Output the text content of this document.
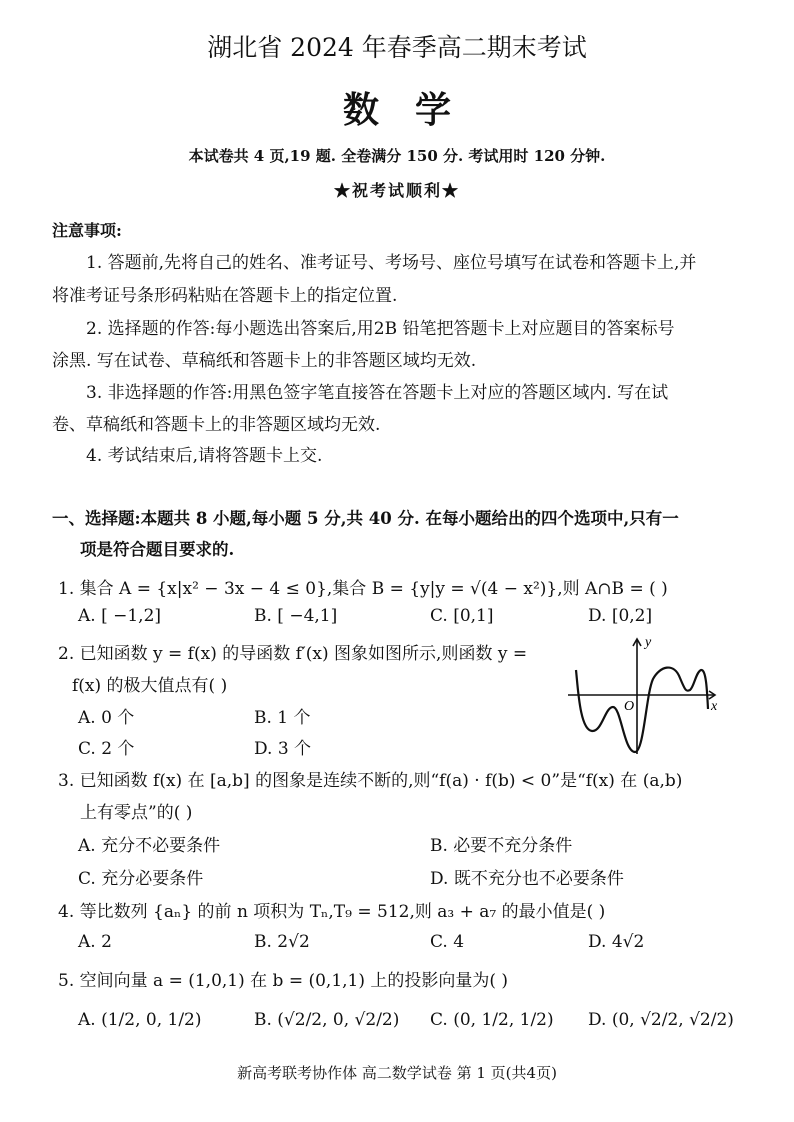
湖北省 2024 年春季高二期末考试
数学
本试卷共 4 页,19 题. 全卷满分 150 分. 考试用时 120 分钟.
★祝考试顺利★
注意事项:
1. 答题前,先将自己的姓名、准考证号、考场号、座位号填写在试卷和答题卡上,并
将准考证号条形码粘贴在答题卡上的指定位置.
2. 选择题的作答:每小题选出答案后,用2B 铅笔把答题卡上对应题目的答案标号
涂黑. 写在试卷、草稿纸和答题卡上的非答题区域均无效.
3. 非选择题的作答:用黑色签字笔直接答在答题卡上对应的答题区域内. 写在试
卷、草稿纸和答题卡上的非答题区域均无效.
4. 考试结束后,请将答题卡上交.
一、选择题:本题共 8 小题,每小题 5 分,共 40 分. 在每小题给出的四个选项中,只有一
项是符合题目要求的.
1. 集合 A = {x|x² − 3x − 4 ≤ 0},集合 B = {y|y = √(4 − x²)},则 A∩B = ( )
A. [ −1,2]	B. [ −4,1]	C. [0,1]	D. [0,2]
2. 已知函数 y = f(x) 的导函数 f′(x) 图象如图所示,则函数 y =
f(x) 的极大值点有( )
A. 0 个	B. 1 个
C. 2 个	D. 3 个
y
x
O
3. 已知函数 f(x) 在 [a,b] 的图象是连续不断的,则“f(a) · f(b) < 0”是“f(x) 在 (a,b)
上有零点”的( )
A. 充分不必要条件	B. 必要不充分条件
C. 充分必要条件	D. 既不充分也不必要条件
4. 等比数列 {aₙ} 的前 n 项积为 Tₙ,T₉ = 512,则 a₃ + a₇ 的最小值是( )
A. 2	B. 2√2	C. 4	D. 4√2
5. 空间向量 a = (1,0,1) 在 b = (0,1,1) 上的投影向量为( )
A. (1/2, 0, 1/2)	B. (√2/2, 0, √2/2) C. (0, 1/2, 1/2) D. (0, √2/2, √2/2)
新高考联考协作体 高二数学试卷 第 1 页(共4页)
